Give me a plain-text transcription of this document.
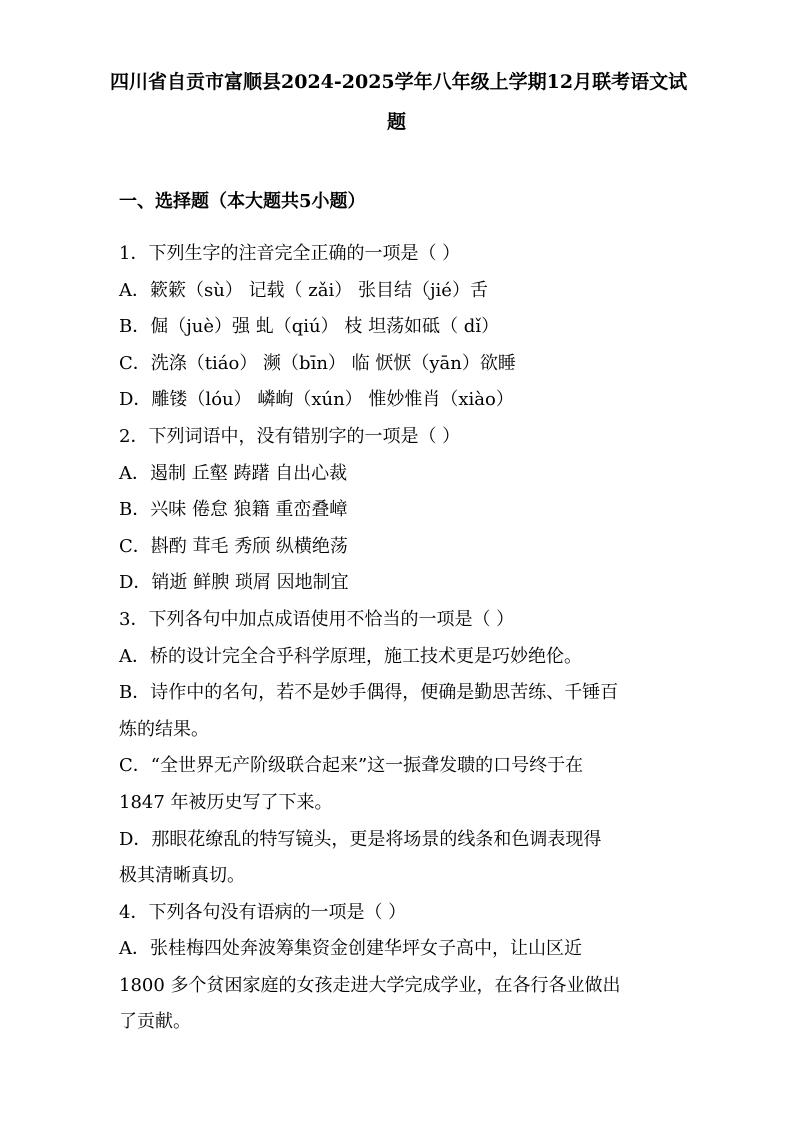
四川省自贡市富顺县2024-2025学年八年级上学期12月联考语文试
题
一、选择题（本大题共5小题）
1．下列生字的注音完全正确的一项是（ ）
A．簌簌（sù） 记载（ zǎi） 张目结（jié）舌
B．倔（juè）强 虬（qiú） 枝 坦荡如砥（ dǐ）
C．洗涤（tiáo） 濒（bīn） 临 恹恹（yān）欲睡
D．雕镂（lóu） 嶙峋（xún） 惟妙惟肖（xiào）
2．下列词语中，没有错别字的一项是（ ）
A．遏制 丘壑 踌躇 自出心裁
B．兴味 倦怠 狼籍 重峦叠嶂
C．斟酌 茸毛 秀颀 纵横绝荡
D．销逝 鲜腴 琐屑 因地制宜
3．下列各句中加点成语使用不恰当的一项是（ ）
A．桥的设计完全合乎科学原理，施工技术更是巧妙绝伦。
B．诗作中的名句，若不是妙手偶得，便确是勤思苦练、千锤百
炼的结果。
C．“全世界无产阶级联合起来”这一振聋发聩的口号终于在
1847 年被历史写了下来。
D．那眼花缭乱的特写镜头，更是将场景的线条和色调表现得
极其清晰真切。
4．下列各句没有语病的一项是（ ）
A．张桂梅四处奔波筹集资金创建华坪女子高中，让山区近
1800 多个贫困家庭的女孩走进大学完成学业，在各行各业做出
了贡献。
